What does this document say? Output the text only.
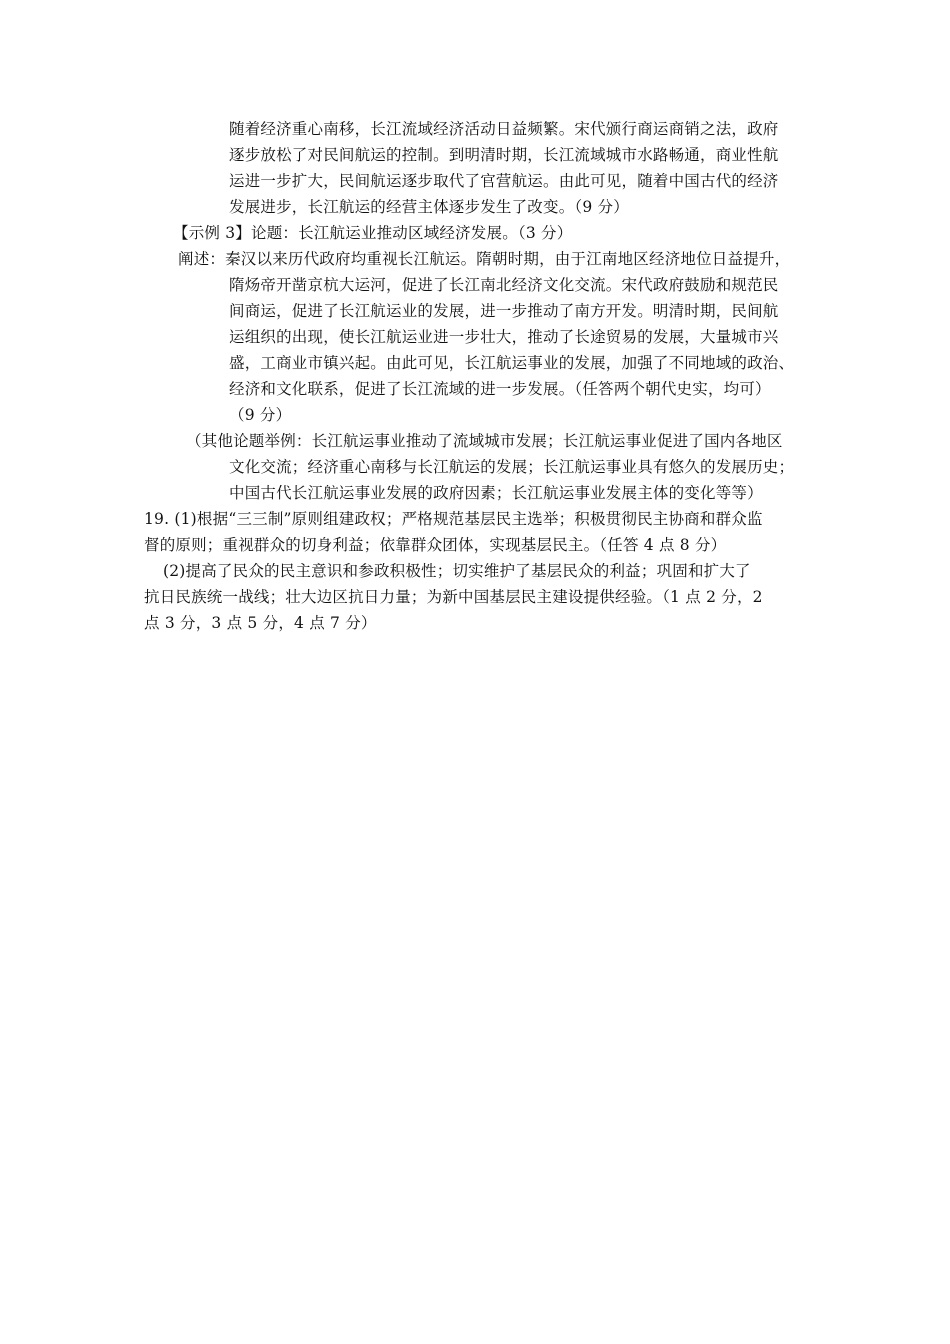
随着经济重心南移，长江流域经济活动日益频繁。宋代颁行商运商销之法，政府
逐步放松了对民间航运的控制。到明清时期，长江流域城市水路畅通，商业性航
运进一步扩大，民间航运逐步取代了官营航运。由此可见，随着中国古代的经济
发展进步，长江航运的经营主体逐步发生了改变。（9 分）
【示例 3】论题：长江航运业推动区域经济发展。（3 分）
阐述：秦汉以来历代政府均重视长江航运。隋朝时期，由于江南地区经济地位日益提升，
隋炀帝开凿京杭大运河，促进了长江南北经济文化交流。宋代政府鼓励和规范民
间商运，促进了长江航运业的发展，进一步推动了南方开发。明清时期，民间航
运组织的出现，使长江航运业进一步壮大，推动了长途贸易的发展，大量城市兴
盛，工商业市镇兴起。由此可见，长江航运事业的发展，加强了不同地域的政治、
经济和文化联系，促进了长江流域的进一步发展。（任答两个朝代史实，均可）
（9 分）
（其他论题举例：长江航运事业推动了流域城市发展；长江航运事业促进了国内各地区
文化交流；经济重心南移与长江航运的发展；长江航运事业具有悠久的发展历史；
中国古代长江航运事业发展的政府因素；长江航运事业发展主体的变化等等）
19. (1)根据“三三制”原则组建政权；严格规范基层民主选举；积极贯彻民主协商和群众监
督的原则；重视群众的切身利益；依靠群众团体，实现基层民主。（任答 4 点 8 分）
(2)提高了民众的民主意识和参政积极性；切实维护了基层民众的利益；巩固和扩大了
抗日民族统一战线；壮大边区抗日力量；为新中国基层民主建设提供经验。（1 点 2 分，2
点 3 分，3 点 5 分，4 点 7 分）
